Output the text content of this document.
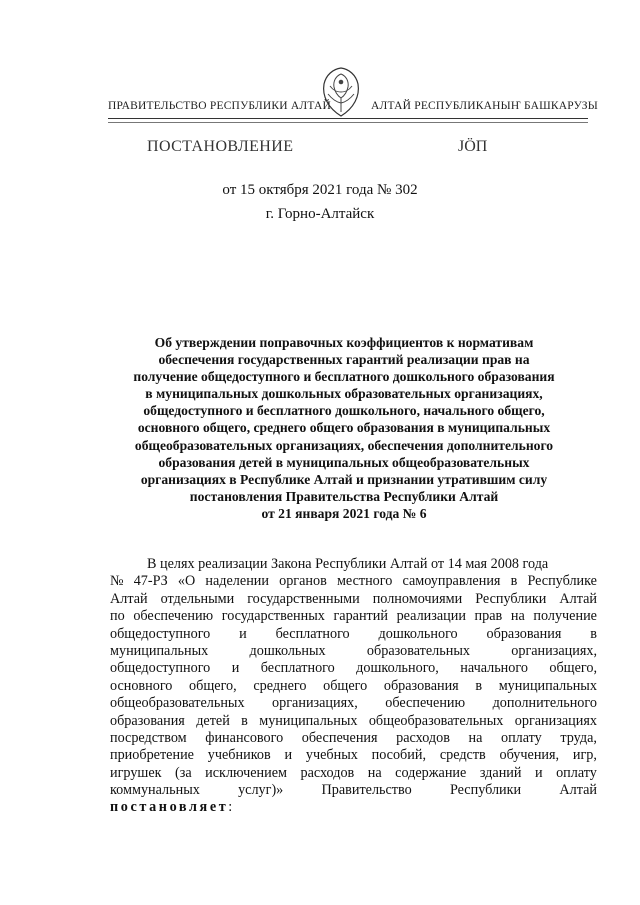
ПРАВИТЕЛЬСТВО РЕСПУБЛИКИ АЛТАЙ	АЛТАЙ РЕСПУБЛИКАНЫҤ БАШКАРУЗЫ
ПОСТАНОВЛЕНИЕ	ЈӦП
от 15 октября 2021 года № 302
г. Горно-Алтайск
Об утверждении поправочных коэффициентов к нормативам
обеспечения государственных гарантий реализации прав на
получение общедоступного и бесплатного дошкольного образования
в муниципальных дошкольных образовательных организациях,
общедоступного и бесплатного дошкольного, начального общего,
основного общего, среднего общего образования в муниципальных
общеобразовательных организациях, обеспечения дополнительного
образования детей в муниципальных общеобразовательных
организациях в Республике Алтай и признании утратившим силу
постановления Правительства Республики Алтай
от 21 января 2021 года № 6
В целях реализации Закона Республики Алтай от 14 мая 2008 года
№ 47-РЗ «О наделении органов местного самоуправления в Республике
Алтай отдельными государственными полномочиями Республики Алтай
по обеспечению государственных гарантий реализации прав на получение
общедоступного и бесплатного дошкольного образования в
муниципальных	дошкольных	образовательных	организациях,
общедоступного и бесплатного дошкольного, начального общего,
основного общего, среднего общего образования в муниципальных
общеобразовательных организациях, обеспечению дополнительного
образования детей в муниципальных общеобразовательных организациях
посредством финансового обеспечения расходов на оплату труда,
приобретение учебников и учебных пособий, средств обучения, игр,
игрушек (за исключением расходов на содержание зданий и оплату
коммунальных	услуг)»	Правительство	Республики	Алтай
постановляет :
